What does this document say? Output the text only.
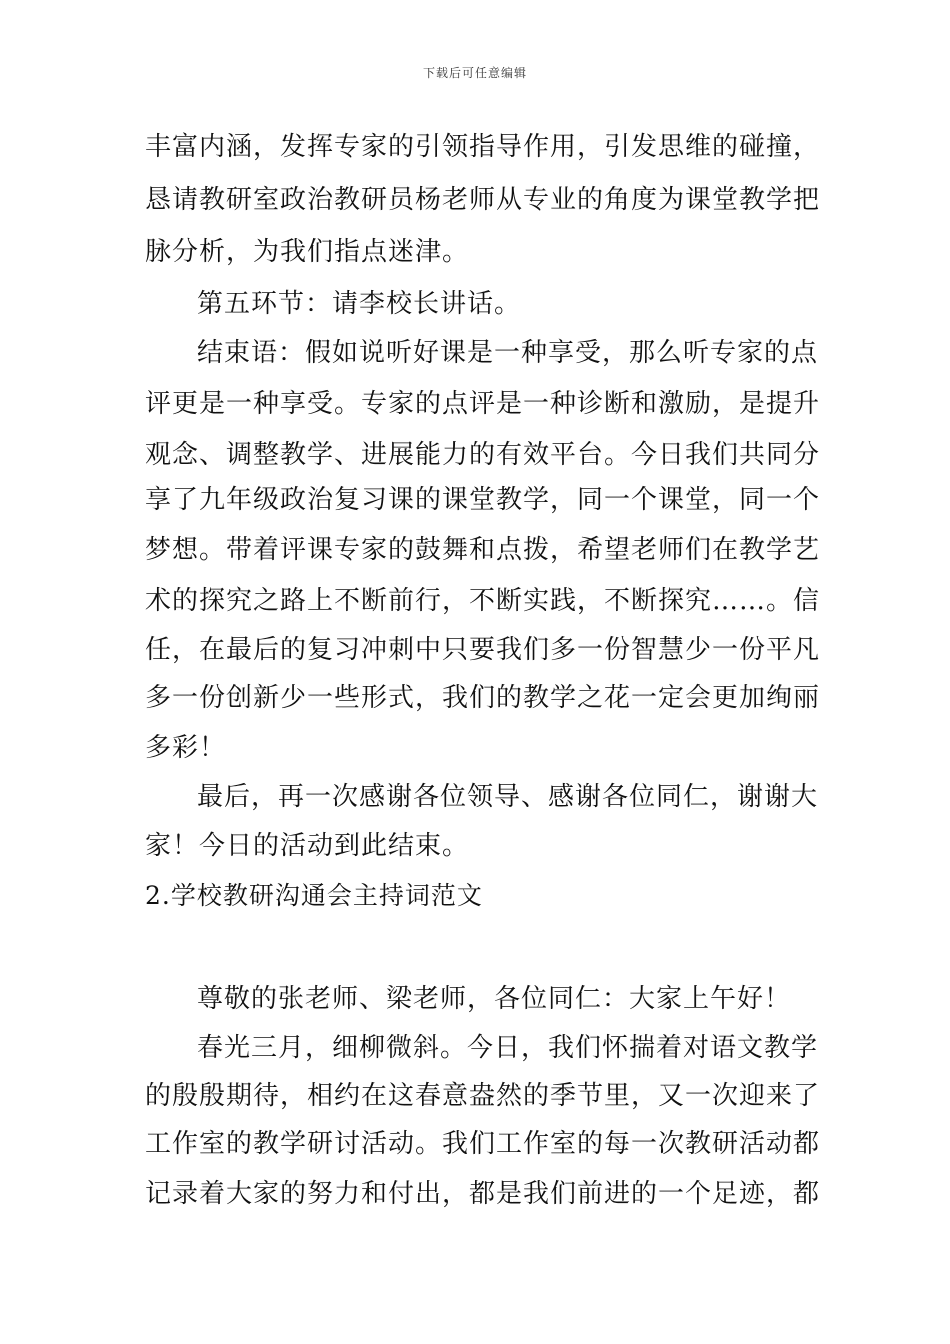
下载后可任意编辑
丰富内涵，发挥专家的引领指导作用，引发思维的碰撞，
恳请教研室政治教研员杨老师从专业的角度为课堂教学把
脉分析，为我们指点迷津。
第五环节：请李校长讲话。
结束语：假如说听好课是一种享受，那么听专家的点
评更是一种享受。专家的点评是一种诊断和激励，是提升
观念、调整教学、进展能力的有效平台。今日我们共同分
享了九年级政治复习课的课堂教学，同一个课堂，同一个
梦想。带着评课专家的鼓舞和点拨，希望老师们在教学艺
术的探究之路上不断前行，不断实践，不断探究……。信
任，在最后的复习冲刺中只要我们多一份智慧少一份平凡
多一份创新少一些形式，我们的教学之花一定会更加绚丽
多彩！
最后，再一次感谢各位领导、感谢各位同仁，谢谢大
家！今日的活动到此结束。
2.学校教研沟通会主持词范文
尊敬的张老师、梁老师，各位同仁：大家上午好！
春光三月，细柳微斜。今日，我们怀揣着对语文教学
的殷殷期待，相约在这春意盎然的季节里，又一次迎来了
工作室的教学研讨活动。我们工作室的每一次教研活动都
记录着大家的努力和付出，都是我们前进的一个足迹，都
